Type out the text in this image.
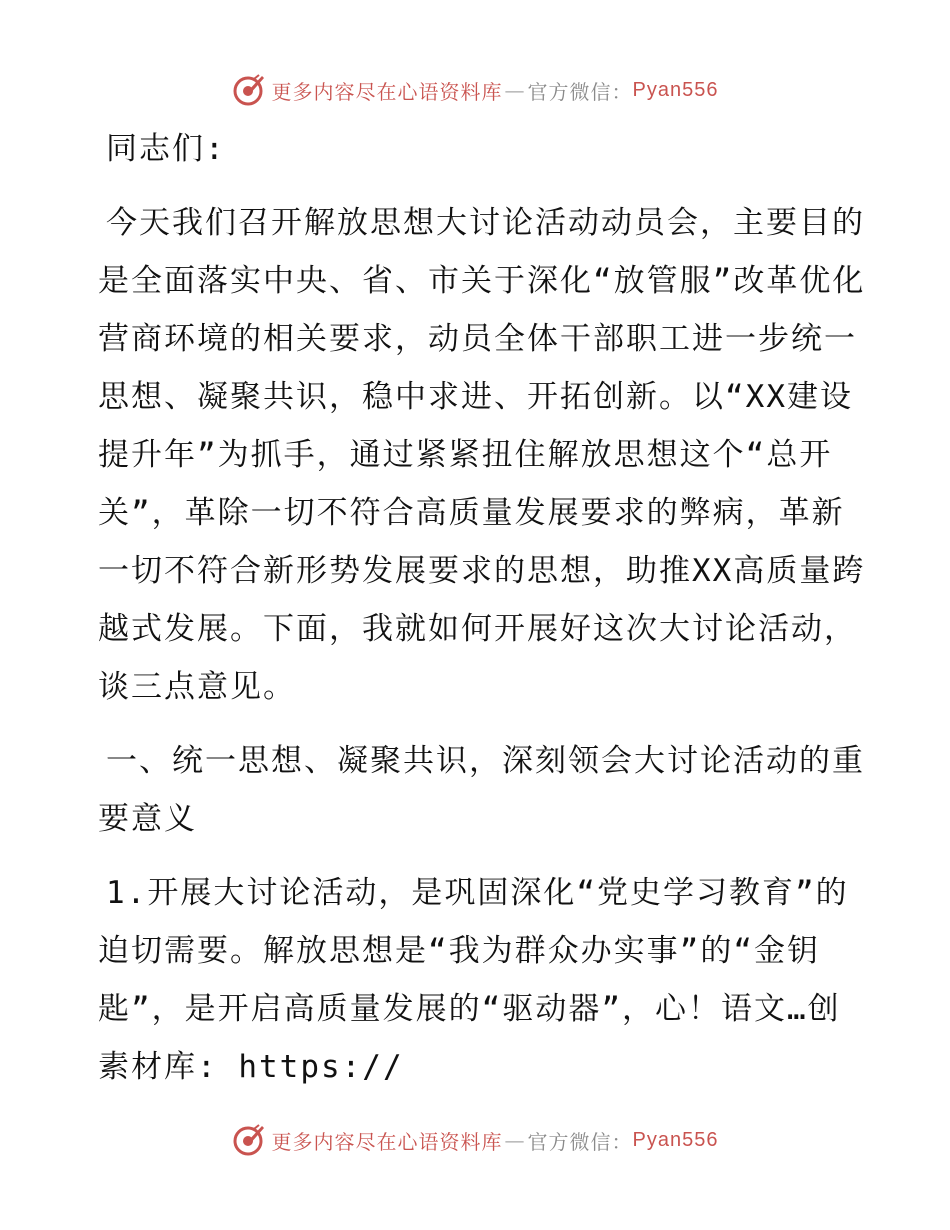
更多内容尽在心语资料库 — 官方微信： Pyan556

同志们:

今天我们召开解放思想大讨论活动动员会，主要目的是全面落实中央、省、市关于深化“放管服”改革优化营商环境的相关要求，动员全体干部职工进一步统一思想、凝聚共识，稳中求进、开拓创新。以“XX建设提升年”为抓手，通过紧紧扭住解放思想这个“总开关”，革除一切不符合高质量发展要求的弊病，革新一切不符合新形势发展要求的思想，助推XX高质量跨越式发展。下面，我就如何开展好这次大讨论活动，谈三点意见。

一、统一思想、凝聚共识，深刻领会大讨论活动的重要意义

1.开展大讨论活动，是巩固深化“党史学习教育”的迫切需要。解放思想是“我为群众办实事”的“金钥匙”，是开启高质量发展的“驱动器”，心！语文…创素材库: https://

更多内容尽在心语资料库 — 官方微信： Pyan556
